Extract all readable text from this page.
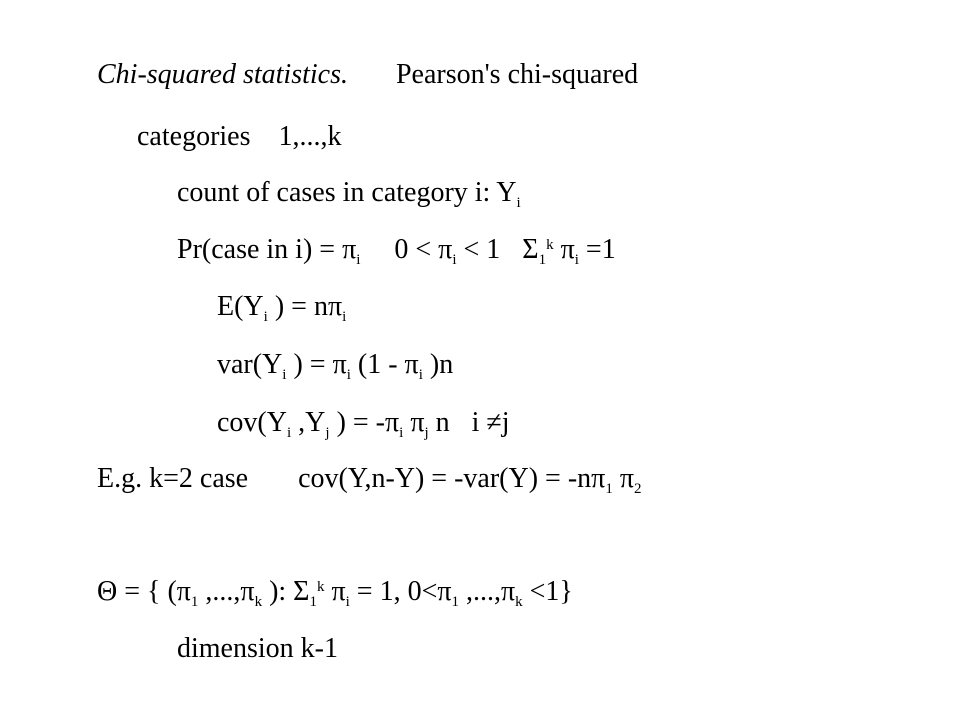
Chi-squared statistics. Pearson's chi-squared
categories 1,...,k
count of cases in category i: $Y_i$
Pr(case in $i) = \pi_i$ $0 < \pi_i < 1$ $\Sigma_1^k$ $\pi_i =1$
$E(Y_i$ ) = $n\pi_i$
$var(Y_i$ ) = $\pi_i$ ($1 - \pi_i$ )n
$cov(Y_i$ $,Y_j$ ) = $-\pi_i$ $\pi_j$ n i ≠j
E.g. k=2 case $cov(Y,n-Y) = -var(Y) = -n\pi_1$ $\pi_2$
Θ = { ($\pi_1$ $,...,\pi_k$ ): $\Sigma_1^k$ $\pi_i = 1$, $0<\pi_1$ $,...,\pi_k <1$}
dimension k-1
